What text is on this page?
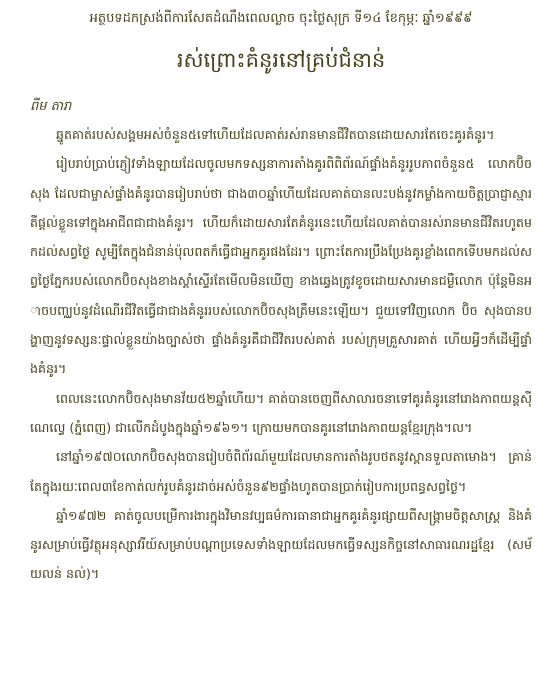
អត្ថបទដកស្រង់ពីការសែតដំណឹងពេលល្ងាច ចុះថ្ងៃសុក្រ ទី១៤ ខែកុម្ភៈ ឆ្នាំ១៩៩៩
រស់ព្រោះគំនូរនៅគ្រប់ជំនាន់
ពីម តារា

ឆ្នូតគាត់របស់សង្គមអស់ចំនួន៥ទៅហើយដែលគាត់រស់រានមានជីវិតបានដោយសារតែចេះគូរគំនូរ។

រៀបរាប់ប្រាប់ភ្ញៀវទាំងឡាយដែលចូលមកទស្សនាការតាំងគូរពិពិព័រណ៍ផ្ទាំងគំនូររូបភាពចំនួន៥ លោកប៊ិចសុង ដែលជាម្ចាស់ផ្ទាំងគំនូរបានរៀបរាប់ថា ជាង៣០ឆ្នាំហើយដែលគាត់បានលះបង់នូវកម្លាំងកាយចិត្តប្រាជ្ញាស្មារតីផ្ដល់ខ្លួនទៅក្នុងអាជីពជាជាងគំនូរ។ ហើយក៏ដោយសារតែគំនូរនេះហើយដែលគាត់បានរស់រានមានជីវិតរហូតមកដល់សព្វថ្ងៃ សូម្បីតែក្នុងជំនាន់ប៉ុលពតក៏ធ្វើជាអ្នកគូរផងដែរ។ ព្រោះតែការប្រឹងប្រែងគូរខ្លាំងពេកទើបមកដល់សព្វថ្ងៃភ្នែករបស់លោកប៊ិចសុងខាងស្ដាំស្ទើរតែមើលមិនឃើញ ខាងឆ្វេងត្រូវខូចដោយសារមានជម្ងឺលោក ប៉ុន្តែមិនអាចបញ្ឈប់នូវដំណើរជីវិតធ្វើជាជាងគំនូររបស់លោកប៊ិចសុងត្រឹមនេះឡើយ។ ជួយទៅវិញលោក ប៊ិច សុងបានបង្ហាញនូវទស្សនៈផ្ទាល់ខ្លួនយ៉ាងច្បាស់ថា ផ្ទាំងគំនូរគឺជាជីវិតរបស់គាត់ របស់ក្រុមគ្រួសារគាត់ ហើយអ្វីៗក៏ដើម្បីផ្ទាំងគំនូរ។

ពេលនេះលោកប៊ិចសុងមានវ័យ៥២ឆ្នាំហើយ។ គាត់បានចេញពីសាលារចនាទៅគូរគំនូរនៅរោងភាពយន្តស៊ីណេល្វេ (ភ្នំពេញ) ជាលើកដំបូងក្នុងឆ្នាំ១៩៦១។ ក្រោយមកបានគូរនៅរោងភាពយន្តខ្មែរក្រុង។ល។

នៅឆ្នាំ១៩៧០លោកប៊ិចសុងបានរៀបចំពិព័រណ៍មួយដែលមានការតាំងរូបថតនូវស្ពានទួលតាមោង។ គ្រាន់តែក្នុងរយៈពេល៣ខែកាត់លក់រូបគំនូរដាច់អស់ចំនួន៩២ផ្ទាំងហូតបានប្រាក់រៀបការប្រពន្ធសព្វថ្ងៃ។

ឆ្នាំ១៩៧២ គាត់ចូលបម្រើការងារក្នុងវិមានវប្បធម៌ការធានាជាអ្នកគូរគំនូរផ្សាយពីសង្គ្រាមចិត្តសាស្ត្រ និងគំនូរសម្រាប់ធ្វើវត្ថុអនុស្សាវរីយ៍សម្រាប់បណ្ដាប្រទេសទាំងឡាយដែលមកធ្វើទស្សនកិច្ចនៅសាធារណរដ្ឋខ្មែរ (សម័យលន់ នល់)។
